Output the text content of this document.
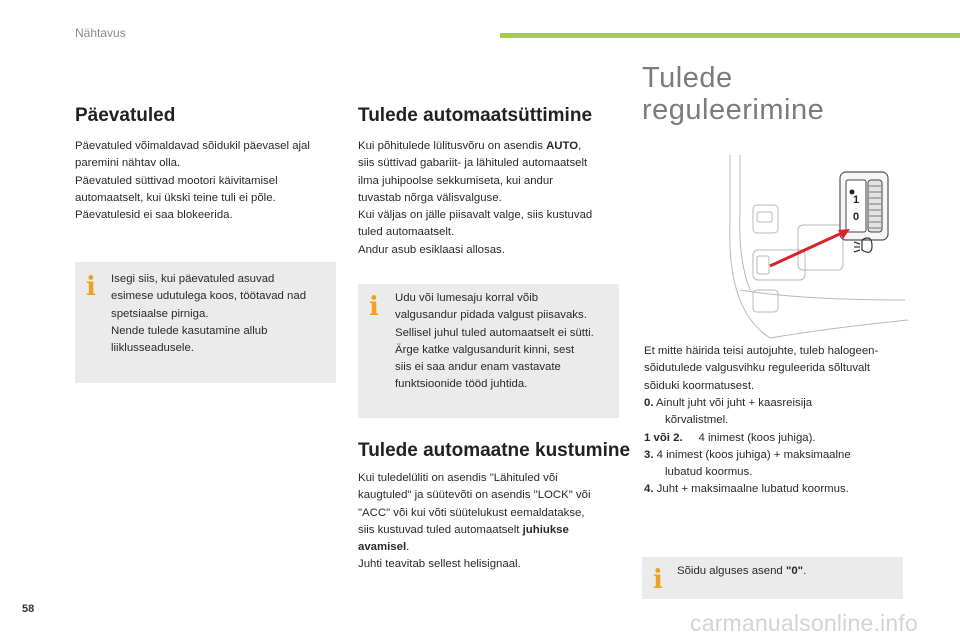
Nähtavus
Päevatuled
Päevatuled võimaldavad sõidukil päevasel ajal
paremini nähtav olla.
Päevatuled süttivad mootori käivitamisel
automaatselt, kui ükski teine tuli ei põle.
Päevatulesid ei saa blokeerida.
i Isegi siis, kui päevatuled asuvad
esimese udutulega koos, töötavad nad
spetsiaalse pirniga.
Nende tulede kasutamine allub
liiklusseadusele.
Tulede automaatsüttimine
Kui põhitulede lülitusvõru on asendis AUTO,
siis süttivad gabariit- ja lähituled automaatselt
ilma juhipoolse sekkumiseta, kui andur
tuvastab nõrga välisvalguse.
Kui väljas on jälle piisavalt valge, siis kustuvad
tuled automaatselt.
Andur asub esiklaasi allosas.
i Udu või lumesaju korral võib
valgusandur pidada valgust piisavaks.
Sellisel juhul tuled automaatselt ei sütti.
Ärge katke valgusandurit kinni, sest
siis ei saa andur enam vastavate
funktsioonide tööd juhtida.
Tulede automaatne kustumine
Kui tuledelüliti on asendis "Lähituled või
kaugtuled" ja süütevõti on asendis "LOCK" või
"ACC" või kui võti süütelukust eemaldatakse,
siis kustuvad tuled automaatselt juhiukse
avamisel.
Juhti teavitab sellest helisignaal.
Tulede
reguleerimine
1
0
Et mitte häirida teisi autojuhte, tuleb halogeen-
sõidutulede valgusvihku reguleerida sõltuvalt
sõiduki koormatusest.
0. Ainult juht või juht + kaasreisija
kõrvalistmel.
1 või 2. 4 inimest (koos juhiga).
3. 4 inimest (koos juhiga) + maksimaalne
lubatud koormus.
4. Juht + maksimaalne lubatud koormus.
i Sõidu alguses asend "0".
58
carmanualsonline.info
